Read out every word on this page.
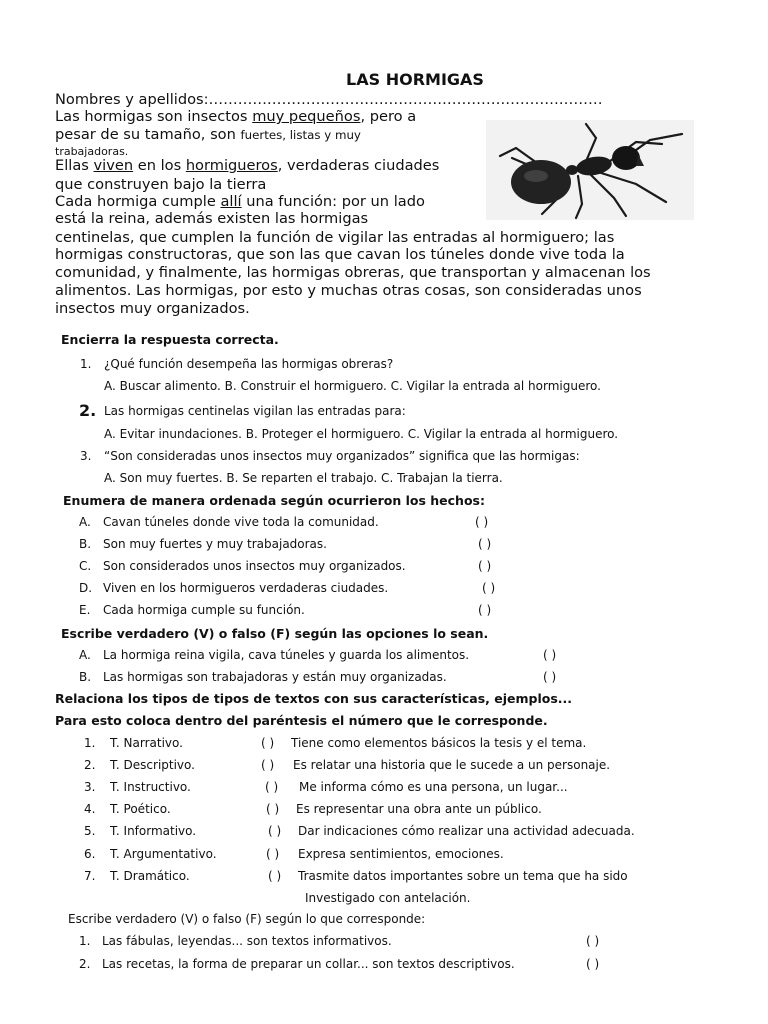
LAS HORMIGAS
Nombres y apellidos:………………………………………………………………………
Las hormigas son insectos muy pequeños, pero a
pesar de su tamaño, son fuertes, listas y muy
trabajadoras.
Ellas viven en los hormigueros, verdaderas ciudades
que construyen bajo la tierra
Cada hormiga cumple allí una función: por un lado
está la reina, además existen las hormigas
centinelas, que cumplen la función de vigilar las entradas al hormiguero; las
hormigas constructoras, que son las que cavan los túneles donde vive toda la
comunidad, y finalmente, las hormigas obreras, que transportan y almacenan los
alimentos. Las hormigas, por esto y muchas otras cosas, son consideradas unos
insectos muy organizados.
Encierra la respuesta correcta.
1. ¿Qué función desempeña las hormigas obreras?
A. Buscar alimento. B. Construir el hormiguero. C. Vigilar la entrada al hormiguero.
2. Las hormigas centinelas vigilan las entradas para:
A. Evitar inundaciones. B. Proteger el hormiguero. C. Vigilar la entrada al hormiguero.
3. “Son consideradas unos insectos muy organizados” significa que las hormigas:
A. Son muy fuertes. B. Se reparten el trabajo. C. Trabajan la tierra.
Enumera de manera ordenada según ocurrieron los hechos:
A. Cavan túneles donde vive toda la comunidad.	( )
B. Son muy fuertes y muy trabajadoras.	( )
C. Son considerados unos insectos muy organizados.	( )
D. Viven en los hormigueros verdaderas ciudades.	( )
E. Cada hormiga cumple su función.	( )
Escribe verdadero (V) o falso (F) según las opciones lo sean.
A. La hormiga reina vigila, cava túneles y guarda los alimentos.	( )
B. Las hormigas son trabajadoras y están muy organizadas.	( )
Relaciona los tipos de tipos de textos con sus características, ejemplos...
Para esto coloca dentro del paréntesis el número que le corresponde.
1. T. Narrativo.	( ) Tiene como elementos básicos la tesis y el tema.
2. T. Descriptivo.	( ) Es relatar una historia que le sucede a un personaje.
3. T. Instructivo.	( ) Me informa cómo es una persona, un lugar...
4. T. Poético.	( ) Es representar una obra ante un público.
5. T. Informativo.	( ) Dar indicaciones cómo realizar una actividad adecuada.
6. T. Argumentativo.	( ) Expresa sentimientos, emociones.
7. T. Dramático.	( ) Trasmite datos importantes sobre un tema que ha sido
Investigado con antelación.
Escribe verdadero (V) o falso (F) según lo que corresponde:
1. Las fábulas, leyendas... son textos informativos.	( )
2. Las recetas, la forma de preparar un collar... son textos descriptivos.	( )
